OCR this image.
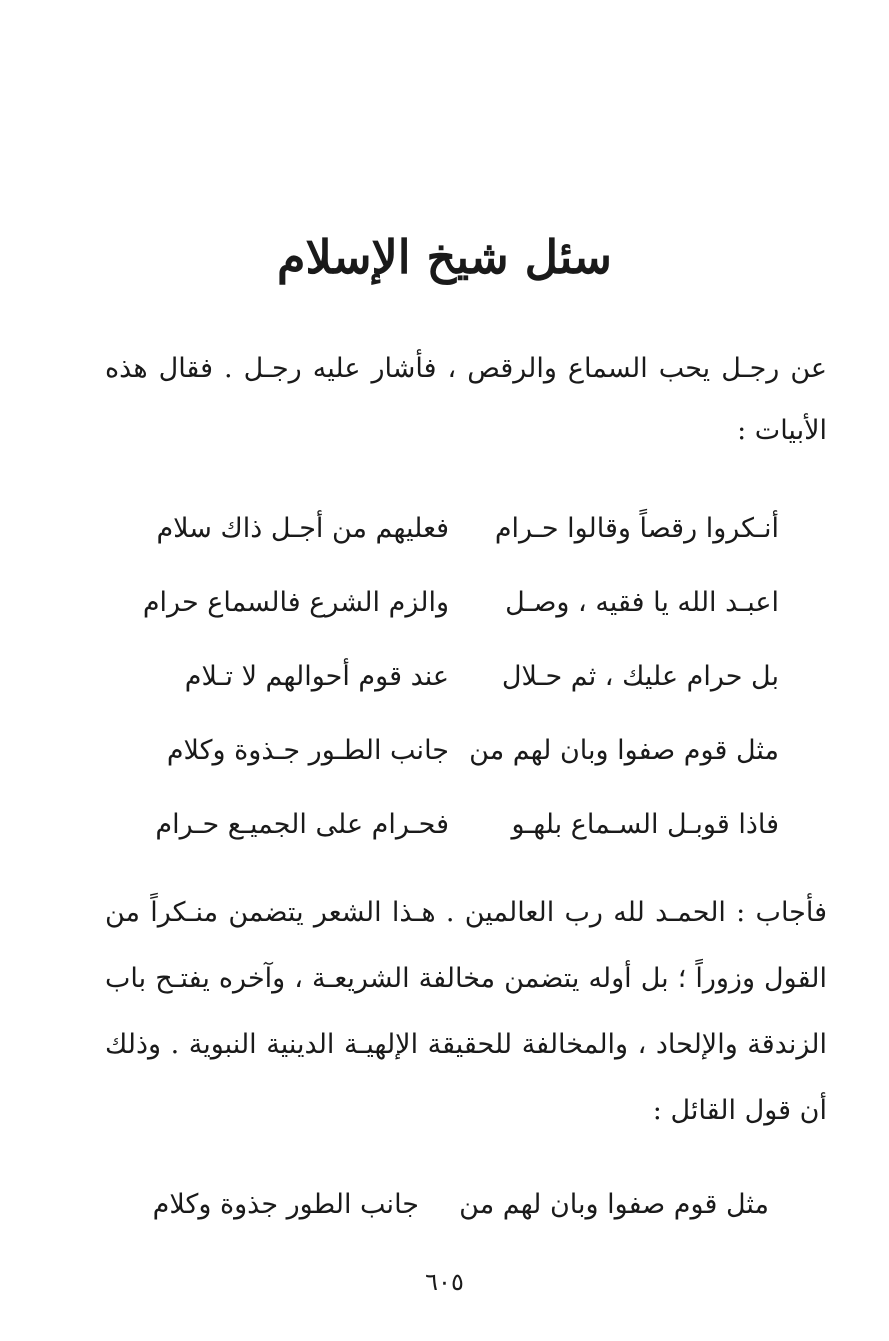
سئل شيخ الإسلام

عن رجـل يحب السماع والرقص ، فأشار عليه رجـل . فقال هذه الأبيات :

أنـكروا رقصاً وقالوا حـرام
فعليهم من أجـل ذاك سلام
اعبـد الله يا فقيه ، وصـل
والزم الشرع فالسماع حرام
بل حرام عليك ، ثم حـلال
عند قوم أحوالهم لا تـلام
مثل قوم صفوا وبان لهم من
جانب الطـور جـذوة وكلام
فاذا قوبـل السـماع بلهـو
فحـرام على الجميـع حـرام

فأجاب : الحمـد لله رب العالمين . هـذا الشعر يتضمن منـكراً من القول وزوراً ؛ بل أوله يتضمن مخالفة الشريعـة ، وآخره يفتـح باب الزندقة والإلحاد ، والمخالفة للحقيقة الإلهيـة الدينية النبوية . وذلك أن قول القائل :

مثل قوم صفوا وبان لهم من
جانب الطور جذوة وكلام
٦٠٥
